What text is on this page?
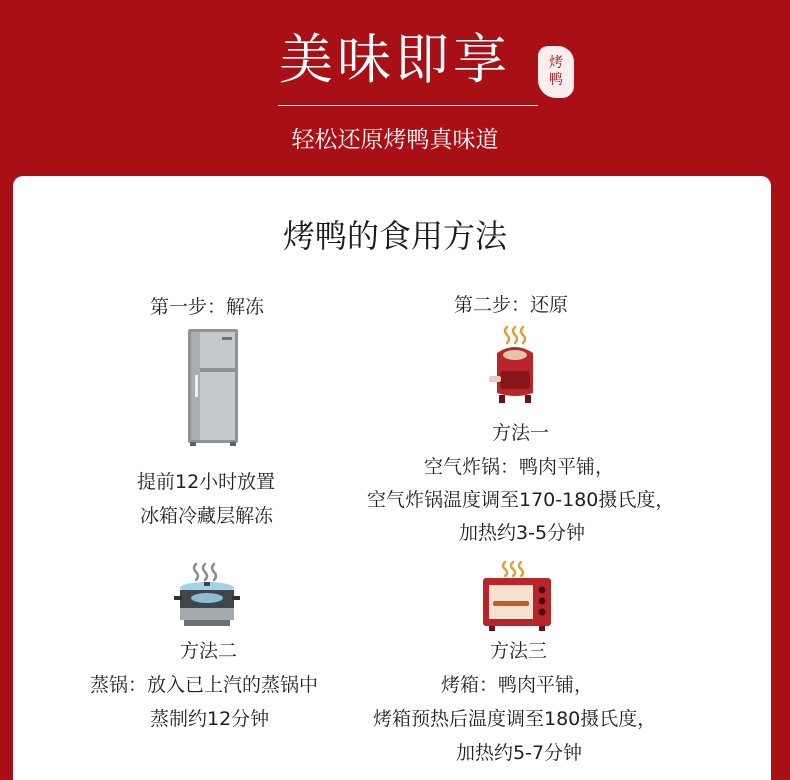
美味即享	烤
鸭
轻松还原烤鸭真味道
烤鸭的食用方法
第一步：解冻
提前12小时放置
冰箱冷藏层解冻
第二步：还原
方法一
空气炸锅：鸭肉平铺，
空气炸锅温度调至170-180摄氏度，
加热约3-5分钟
方法二
蒸锅：放入已上汽的蒸锅中
蒸制约12分钟
方法三
烤箱：鸭肉平铺，
烤箱预热后温度调至180摄氏度，
加热约5-7分钟
